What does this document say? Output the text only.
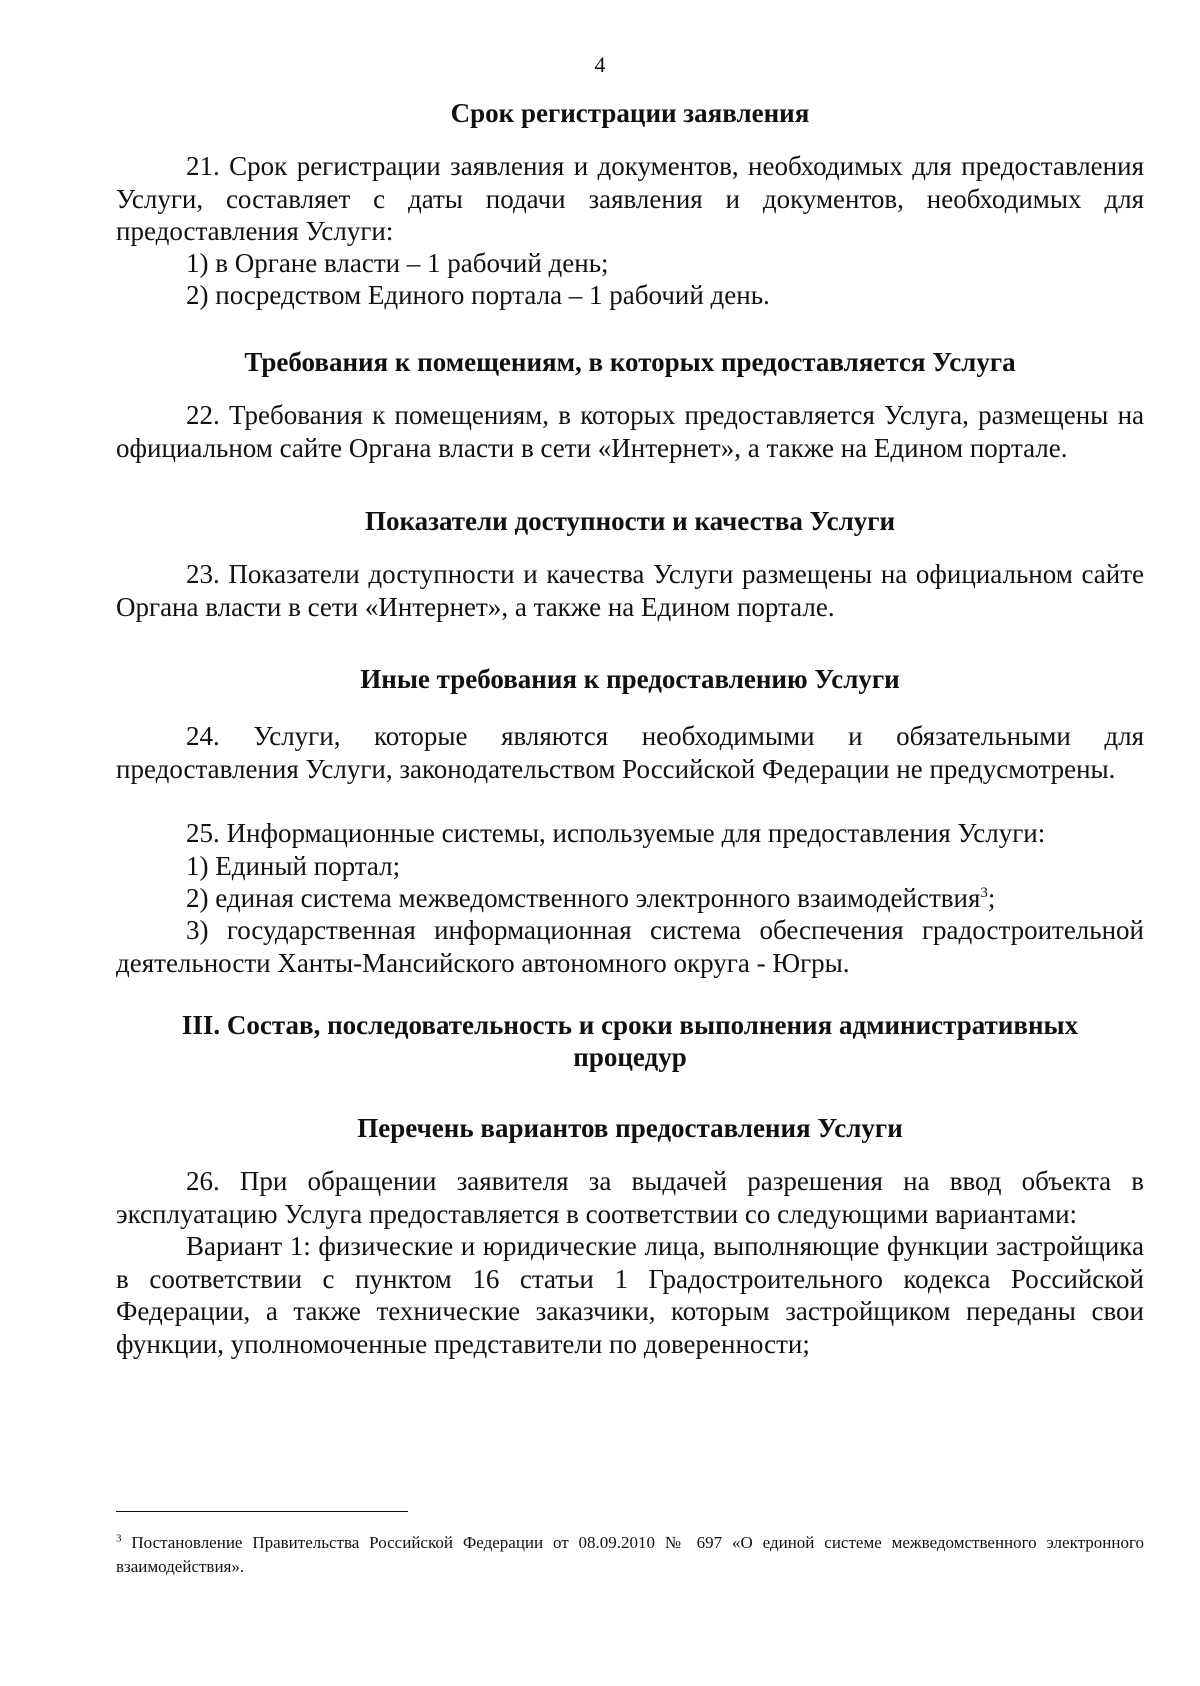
4
Срок регистрации заявления
21. Срок регистрации заявления и документов, необходимых для предоставления Услуги, составляет с даты подачи заявления и документов, необходимых для предоставления Услуги:
1) в Органе власти – 1 рабочий день;
2) посредством Единого портала – 1 рабочий день.
Требования к помещениям, в которых предоставляется Услуга
22. Требования к помещениям, в которых предоставляется Услуга, размещены на официальном сайте Органа власти в сети «Интернет», а также на Едином портале.
Показатели доступности и качества Услуги
23. Показатели доступности и качества Услуги размещены на официальном сайте Органа власти в сети «Интернет», а также на Едином портале.
Иные требования к предоставлению Услуги
24. Услуги, которые являются необходимыми и обязательными для предоставления Услуги, законодательством Российской Федерации не предусмотрены.
25. Информационные системы, используемые для предоставления Услуги:
1) Единый портал;
2) единая система межведомственного электронного взаимодействия$^3$;
3) государственная информационная система обеспечения градостроительной деятельности Ханты-Мансийского автономного округа - Югры.
III. Состав, последовательность и сроки выполнения административных
процедур
Перечень вариантов предоставления Услуги
26. При обращении заявителя за выдачей разрешения на ввод объекта в эксплуатацию Услуга предоставляется в соответствии со следующими вариантами:
Вариант 1: физические и юридические лица, выполняющие функции застройщика в соответствии с пунктом 16 статьи 1 Градостроительного кодекса Российской Федерации, а также технические заказчики, которым застройщиком переданы свои функции, уполномоченные представители по доверенности;
$^3$ Постановление Правительства Российской Федерации от 08.09.2010 № 697 «О единой системе межведомственного электронного взаимодействия».
